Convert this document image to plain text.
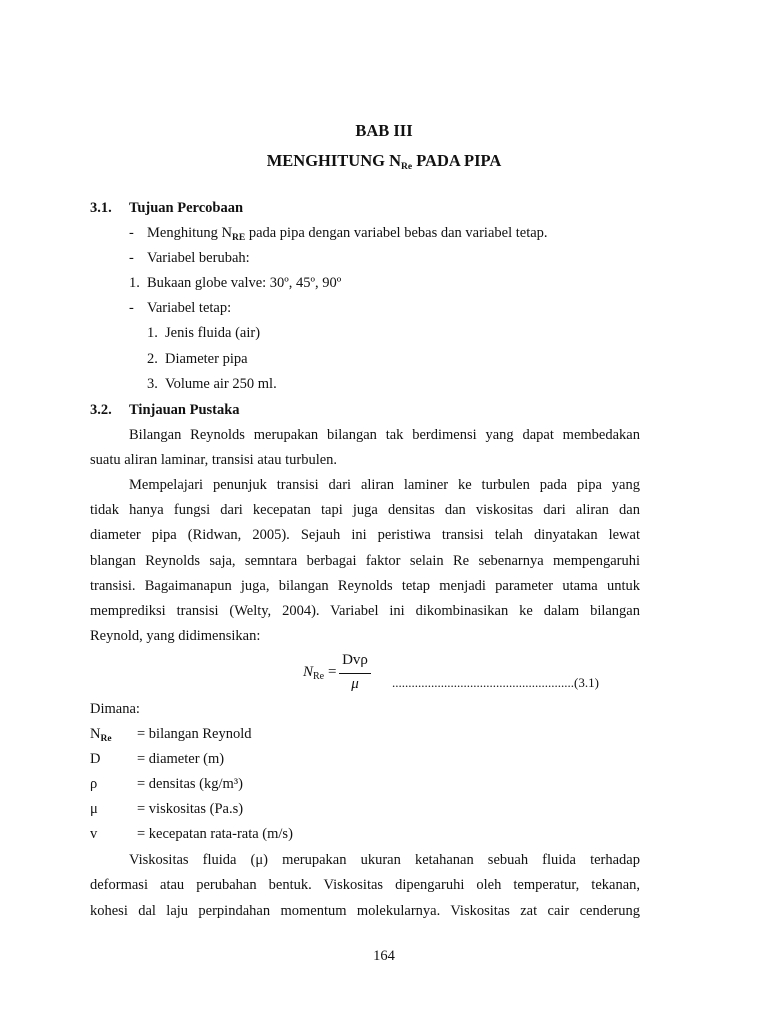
BAB III
MENGHITUNG $N_{Re}$ PADA PIPA
3.1. Tujuan Percobaan
- Menghitung $N_{RE}$ pada pipa dengan variabel bebas dan variabel tetap.
- Variabel berubah:
1. Bukaan globe valve: 30º, 45º, 90º
- Variabel tetap:
1. Jenis fluida (air)
2. Diameter pipa
3. Volume air 250 ml.
3.2. Tinjauan Pustaka
Bilangan Reynolds merupakan bilangan tak berdimensi yang dapat membedakan
suatu aliran laminar, transisi atau turbulen.
Mempelajari penunjuk transisi dari aliran laminer ke turbulen pada pipa yang
tidak hanya fungsi dari kecepatan tapi juga densitas dan viskositas dari aliran dan
diameter pipa (Ridwan, 2005). Sejauh ini peristiwa transisi telah dinyatakan lewat
blangan Reynolds saja, semntara berbagai faktor selain Re sebenarnya mempengaruhi
transisi. Bagaimanapun juga, bilangan Reynolds tetap menjadi parameter utama untuk
memprediksi transisi (Welty, 2004). Variabel ini dikombinasikan ke dalam bilangan
Reynold, yang didimensikan:
$N_{Re}$ =
Dvρ
μ	........................................................(3.1)
Dimana:
$N_{Re}$ = bilangan Reynold
D	= diameter (m)
ρ	= densitas (kg/m³)
μ	= viskositas (Pa.s)
v	= kecepatan rata-rata (m/s)
Viskositas fluida (μ) merupakan ukuran ketahanan sebuah fluida terhadap
deformasi atau perubahan bentuk. Viskositas dipengaruhi oleh temperatur, tekanan,
kohesi dal laju perpindahan momentum molekularnya. Viskositas zat cair cenderung
164
